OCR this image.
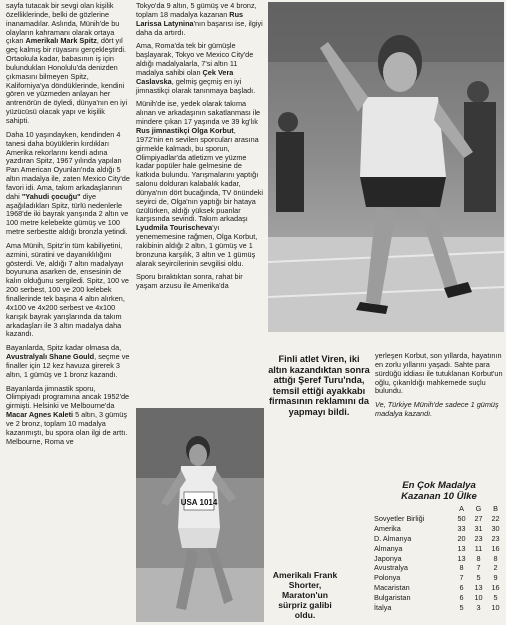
sayfa tutacak bir sevgi olan kişilik özelliklerinde, belki de gözlerine inanamadılar. Aslında, Münih'de bu olayların kahramanı olarak ortaya çıkan Amerikalı Mark Spitz, dört yıl geç kalmış bir rüyasını gerçekleştirdi. Ortaokula kadar, babasının iş için bulundukları Honolulu'da denizden çıkmasını bilmeyen Spitz, Kaliforniya'ya döndüklerinde, kendini gören ve yüzmeden anlayan her antrenörün de öyledi, dünya'nın en iyi yüzücüsü olacak yapı ve kişilik sahipti.

Daha 10 yaşındayken, kendinden 4 tanesi daha büyüklerin kırdıkları Amerika rekorlarını kendi adına yazdıran Spitz, 1967 yılında yapılan Pan American Oyunları'nda aldığı 5 altın madalya ile, zaten Mexico City'de favori idi. Ama, takım arkadaşlarının dahi "Yahudi çocuğu" diye aşağıladıkları Spitz, türlü nedenlerle 1968'de iki bayrak yarışında 2 altın ve 100 metre kelebekte gümüş ve 100 metre serbestte aldığı bronzla yetindi.

Ama Münih, Spitz'in tüm kabiliyetini, azmini, süratini ve dayanıklılığını gösterdi. Ve, aldığı 7 altın madalyayı boyununa asarken de, ensesinin de kalın olduğunu sergiledi. Spitz, 100 ve 200 serbest, 100 ve 200 kelebek finallerinde tek başına 4 altın alırken, 4x100 ve 4x200 serbest ve 4x100 karışık bayrak yarışlarında da takım arkadaşları ile 3 altın madalya daha kazandı.

Bayanlarda, Spitz kadar olmasa da, Avustralyalı Shane Gould, seçme ve finaller için 12 kez havuza girerek 3 altın, 1 gümüş ve 1 bronz kazandı.

Bayanlarda jimnastik sporu, Olimpiyadı programına ancak 1952'de girmişti. Helsinki ve Melbourne'da Macar Agnes Kaleti 5 altın, 3 gümüş ve 2 bronz, toplam 10 madalya kazanmıştı, bu spora olan ilgi de arttı. Melbourne, Roma ve

Tokyo'da 9 altın, 5 gümüş ve 4 bronz, toplam 18 madalya kazanan Rus Larissa Latynina'nın başarısı ise, ilgiyi daha da artırdı.

Ama, Roma'da tek bir gümüşle başlayarak, Tokyo ve Mexico City'de aldığı madalyalarla, 7'si altın 11 madalya sahibi olan Çek Vera Caslavska, gelmiş geçmiş en iyi jimnastikçi olarak tanınmaya başladı.

Münih'de ise, yedek olarak takıma alınan ve arkadaşının sakatlanması ile mindere çıkan 17 yaşında ve 39 kg'lık Rus jimnastikçi Olga Korbut, 1972'nin en sevilen sporcuları arasına girmekle kalmadı, bu sporun, Olimpiyadlar'da atletizm ve yüzme kadar popüler hale gelmesine de katkıda bulundu. Yarışmalarını yaptığı salonu dolduran kalabalık kadar, dünya'nın dört bucağında, TV önündeki seyirci de, Olga'nın yaptığı bir hataya üzülürken, aldığı yüksek puanlar karşısında sevindi. Takım arkadaşı Lyudmila Tourischeva'yı yenememesine rağmen, Olga Korbut, rakibinin aldığı 2 altın, 1 gümüş ve 1 bronzuna karşılık, 3 altın ve 1 gümüş alarak seyircilerinin sevgilisi oldu.

Sporu bıraktıktan sonra, rahat bir yaşam arzusu ile Amerika'da

Finli atlet Viren, iki altın kazandıktan sonra attığı Şeref Turu'nda, temsil ettiği ayakkabı firmasının reklamını da yapmayı bildi.

yerleşen Korbut, son yıllarda, hayatının en zorlu yıllarını yaşadı. Sahte para sürdüğü iddiası ile tutuklanan Korbut'un oğlu, çıkarıldığı mahkemede suçlu bulundu.

Ve, Türkiye Münih'de sadece 1 gümüş madalya kazandı.

USA 1014
Amerikalı Frank Shorter, Maraton'un sürpriz galibi oldu.
En Çok Madalya
Kazanan 10 Ülke
	A	G	B
Sovyetler Birliği	50	27	22
Amerika	33	31	30
D. Almanya	20	23	23
Almanya	13	11	16
Japonya	13	8	8
Avustralya	8	7	2
Polonya	7	5	9
Macaristan	6	13	16
Bulgaristan	6	10	5
İtalya	5	3	10
